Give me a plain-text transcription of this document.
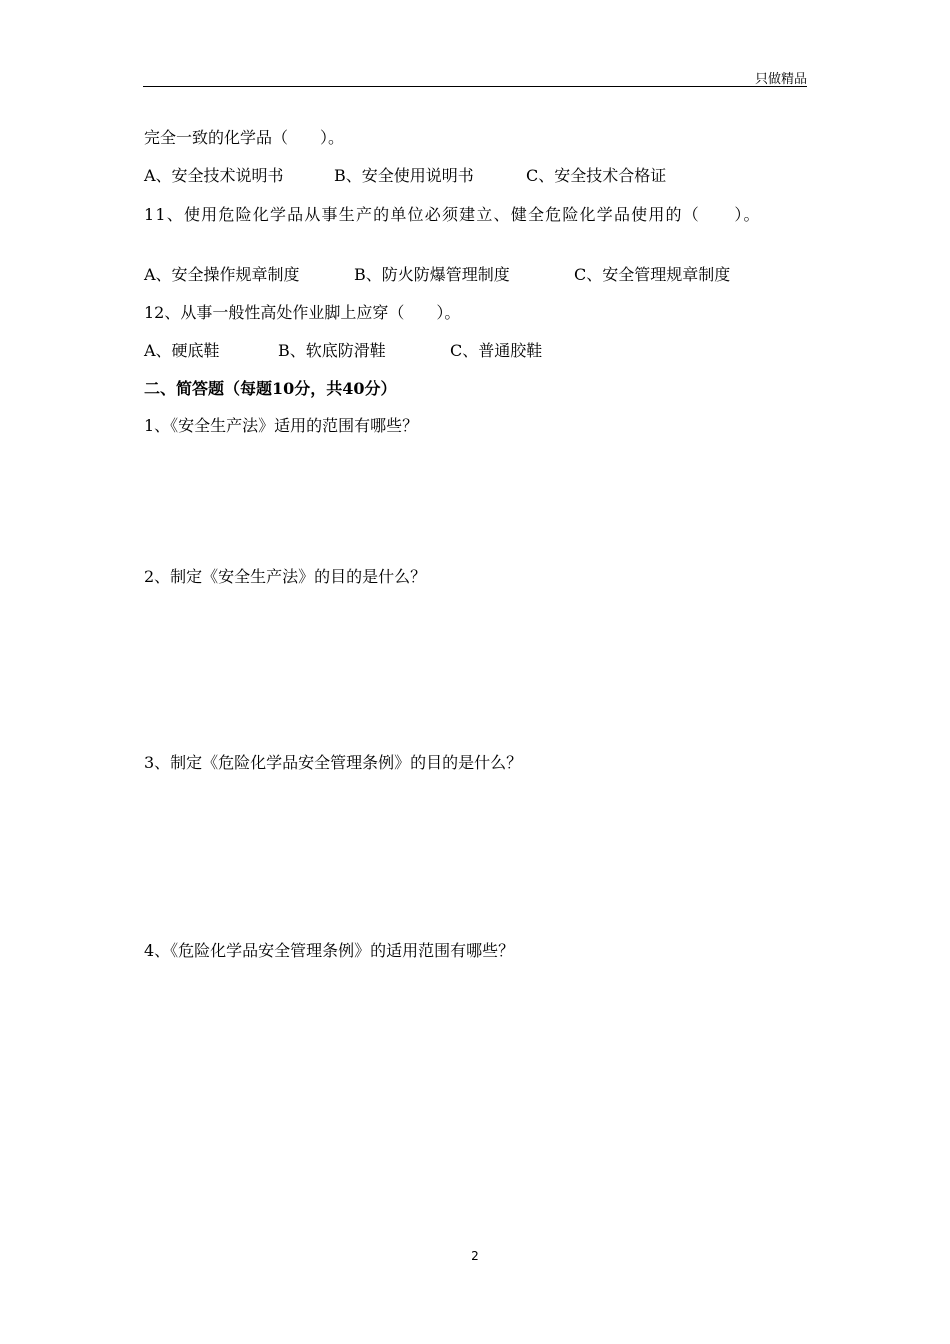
只做精品
完全一致的化学品（　　）。
A、安全技术说明书	B、安全使用说明书	C、安全技术合格证
11、使用危险化学品从事生产的单位必须建立、健全危险化学品使用的（　　）。
A、安全操作规章制度	B、防火防爆管理制度	C、安全管理规章制度
12、从事一般性高处作业脚上应穿（　　）。
A、硬底鞋	B、软底防滑鞋	C、普通胶鞋
二、简答题（每题10分，共40分）
1、《安全生产法》适用的范围有哪些？
2、制定《安全生产法》的目的是什么？
3、制定《危险化学品安全管理条例》的目的是什么？
4、《危险化学品安全管理条例》的适用范围有哪些？
2
